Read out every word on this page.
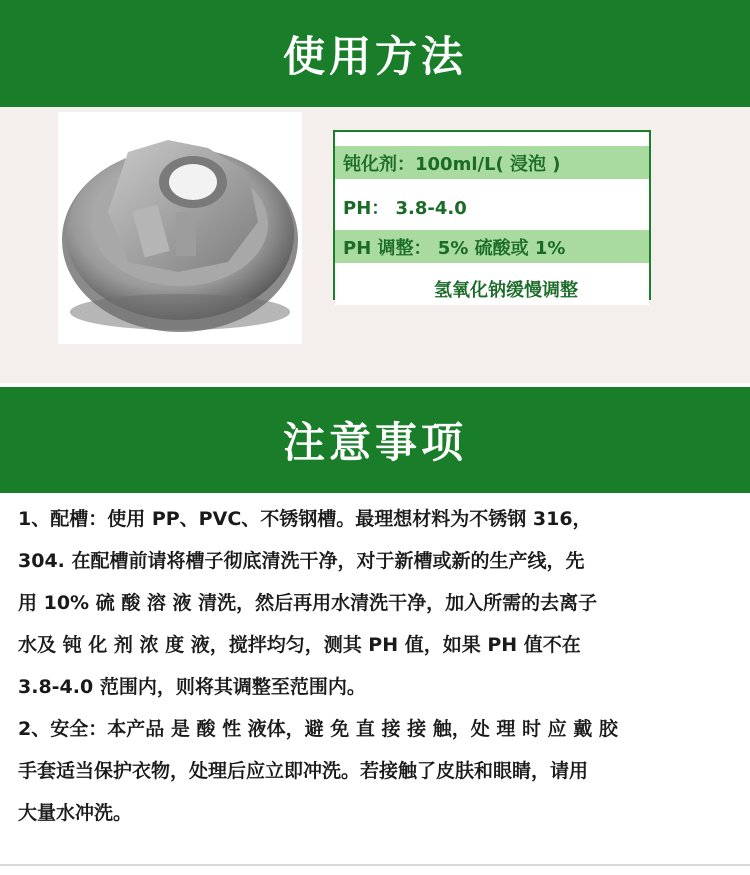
使用方法
钝化剂：100ml/L( 浸泡 )
PH： 3.8-4.0
PH 调整： 5% 硫酸或 1%
氢氧化钠缓慢调整
注意事项
1、配槽：使用 PP、PVC、不锈钢槽。最理想材料为不锈钢 316，
304. 在配槽前请将槽子彻底清洗干净，对于新槽或新的生产线，先
用 10% 硫 酸 溶 液 清洗，然后再用水清洗干净，加入所需的去离子
水及 钝 化 剂 浓 度 液，搅拌均匀，测其 PH 值，如果 PH 值不在
3.8-4.0 范围内，则将其调整至范围内。
2、安全：本产品 是 酸 性 液体，避 免 直 接 接 触，处 理 时 应 戴 胶
手套适当保护衣物，处理后应立即冲洗。若接触了皮肤和眼睛，请用
大量水冲洗。
